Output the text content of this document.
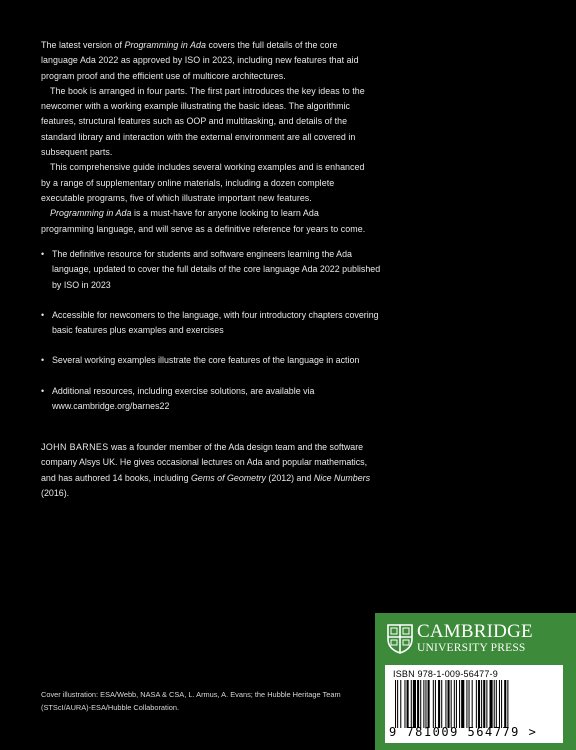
The latest version of Programming in Ada covers the full details of the core language Ada 2022 as approved by ISO in 2023, including new features that aid program proof and the efficient use of multicore architectures.

The book is arranged in four parts. The first part introduces the key ideas to the newcomer with a working example illustrating the basic ideas. The algorithmic features, structural features such as OOP and multitasking, and details of the standard library and interaction with the external environment are all covered in subsequent parts.

This comprehensive guide includes several working examples and is enhanced by a range of supplementary online materials, including a dozen complete executable programs, five of which illustrate important new features.

Programming in Ada is a must-have for anyone looking to learn Ada programming language, and will serve as a definitive reference for years to come.

• The definitive resource for students and software engineers learning the Ada language, updated to cover the full details of the core language Ada 2022 published by ISO in 2023
• Accessible for newcomers to the language, with four introductory chapters covering basic features plus examples and exercises
• Several working examples illustrate the core features of the language in action
• Additional resources, including exercise solutions, are available via www.cambridge.org/barnes22
JOHN BARNES was a founder member of the Ada design team and the software company Alsys UK. He gives occasional lectures on Ada and popular mathematics, and has authored 14 books, including Gems of Geometry (2012) and Nice Numbers (2016).
Cover illustration: ESA/Webb, NASA & CSA, L. Armus, A. Evans; the Hubble Heritage Team (STScI/AURA)-ESA/Hubble Collaboration.
CAMBRIDGE
UNIVERSITY PRESS
ISBN 978-1-009-56477-9
9 781009 564779 >
